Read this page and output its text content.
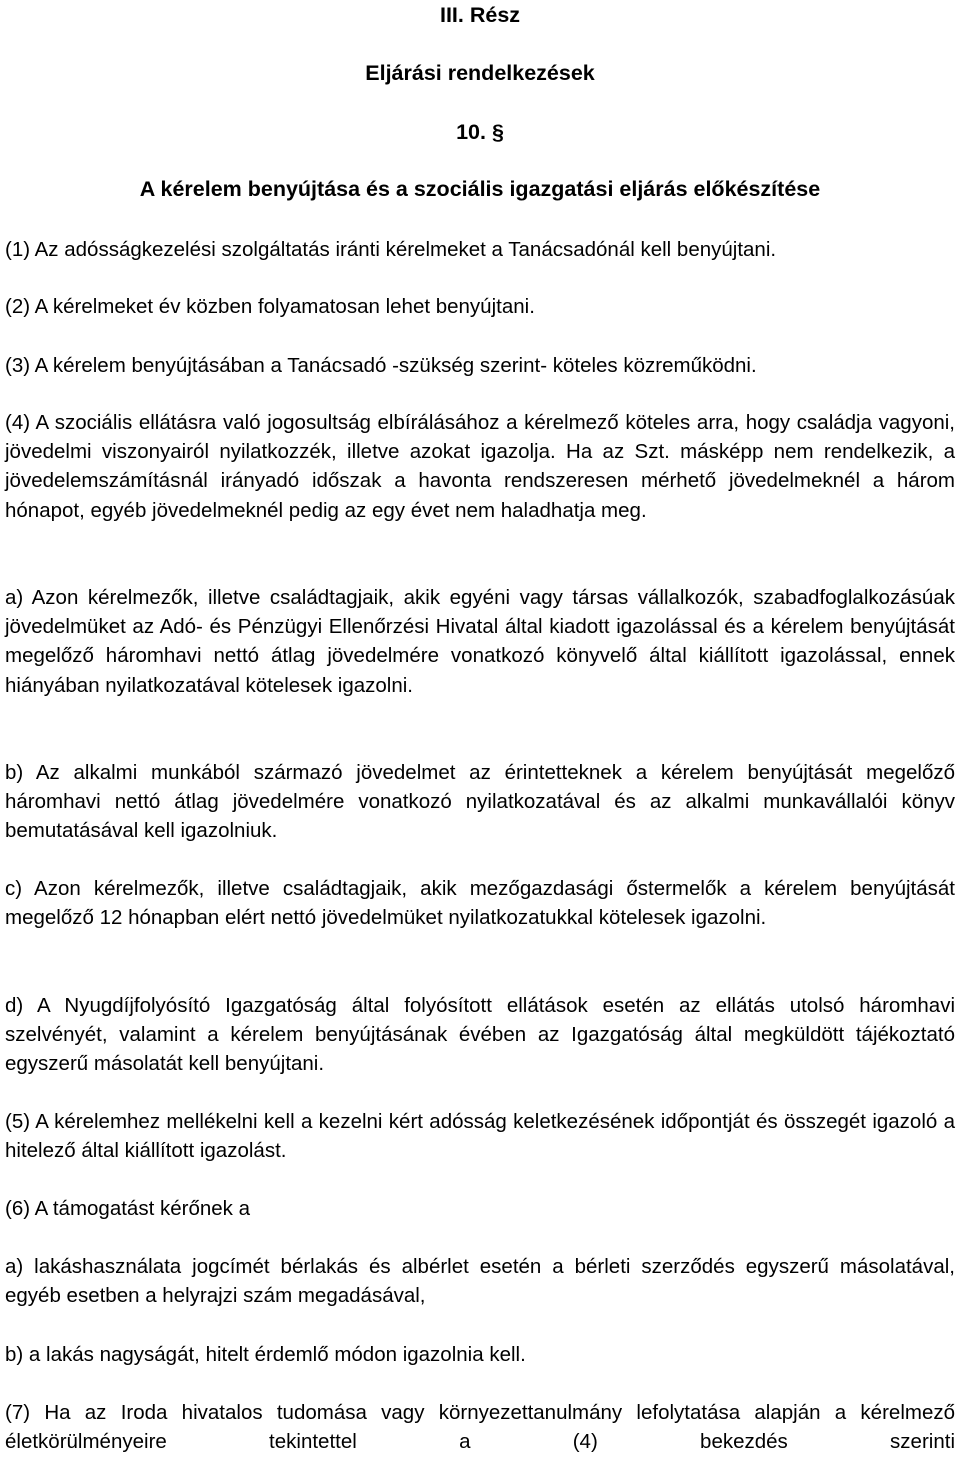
III. Rész
Eljárási rendelkezések
10. §
A kérelem benyújtása és a szociális igazgatási eljárás előkészítése

(1) Az adósságkezelési szolgáltatás iránti kérelmeket a Tanácsadónál kell benyújtani.

(2) A kérelmeket év közben folyamatosan lehet benyújtani.

(3) A kérelem benyújtásában a Tanácsadó -szükség szerint- köteles közreműködni.

(4) A szociális ellátásra való jogosultság elbírálásához a kérelmező köteles arra, hogy családja vagyoni, jövedelmi viszonyairól nyilatkozzék, illetve azokat igazolja. Ha az Szt. másképp nem rendelkezik, a jövedelemszámításnál irányadó időszak a havonta rendszeresen mérhető jövedelmeknél a három hónapot, egyéb jövedelmeknél pedig az egy évet nem haladhatja meg.

a) Azon kérelmezők, illetve családtagjaik, akik egyéni vagy társas vállalkozók, szabadfoglalkozásúak jövedelmüket az Adó- és Pénzügyi Ellenőrzési Hivatal által kiadott igazolással és a kérelem benyújtását megelőző háromhavi nettó átlag jövedelmére vonatkozó könyvelő által kiállított igazolással, ennek hiányában nyilatkozatával kötelesek igazolni.

b) Az alkalmi munkából származó jövedelmet az érintetteknek a kérelem benyújtását megelőző háromhavi nettó átlag jövedelmére vonatkozó nyilatkozatával és az alkalmi munkavállalói könyv bemutatásával kell igazolniuk.

c) Azon kérelmezők, illetve családtagjaik, akik mezőgazdasági őstermelők a kérelem benyújtását megelőző 12 hónapban elért nettó jövedelmüket nyilatkozatukkal kötelesek igazolni.

d) A Nyugdíjfolyósító Igazgatóság által folyósított ellátások esetén az ellátás utolsó háromhavi szelvényét, valamint a kérelem benyújtásának évében az Igazgatóság által megküldött tájékoztató egyszerű másolatát kell benyújtani.

(5) A kérelemhez mellékelni kell a kezelni kért adósság keletkezésének időpontját és összegét igazoló a hitelező által kiállított igazolást.

(6) A támogatást kérőnek a

a) lakáshasználata jogcímét bérlakás és albérlet esetén a bérleti szerződés egyszerű másolatával, egyéb esetben a helyrajzi szám megadásával,

b) a lakás nagyságát, hitelt érdemlő módon igazolnia kell.

(7) Ha az Iroda hivatalos tudomása vagy környezettanulmány lefolytatása alapján a kérelmező életkörülményeire tekintettel a (4) bekezdés szerinti
